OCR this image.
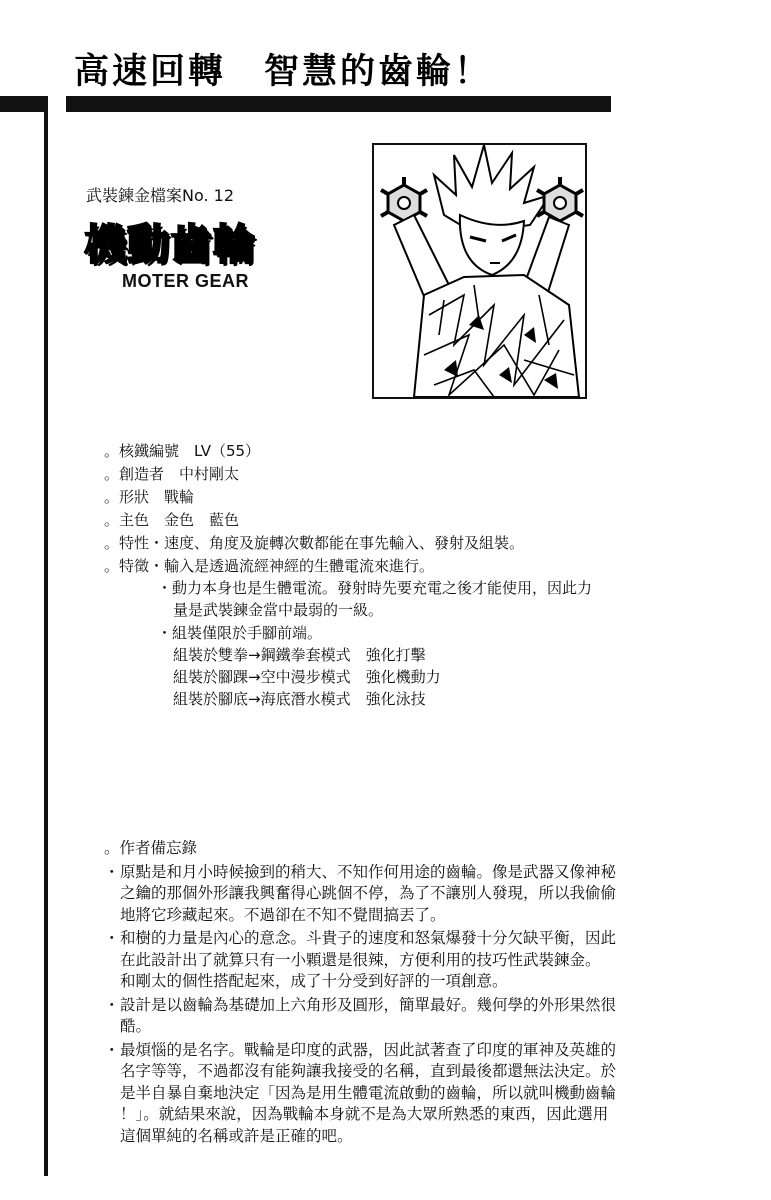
高速回轉　智慧的齒輪！
武裝鍊金檔案No. 12
機動齒輪
MOTER GEAR
。核鐵編號　LV（55）
。創造者　中村剛太
。形狀　戰輪
。主色　金色　藍色
。特性・速度、角度及旋轉次數都能在事先輸入、發射及組裝。
。特徵・輸入是透過流經神經的生體電流來進行。
・動力本身也是生體電流。發射時先要充電之後才能使用，因此力
量是武裝鍊金當中最弱的一級。
・組裝僅限於手腳前端。
組裝於雙拳→鋼鐵拳套模式　強化打擊
組裝於腳踝→空中漫步模式　強化機動力
組裝於腳底→海底潛水模式　強化泳技
。作者備忘錄
・ 原點是和月小時候撿到的稍大、不知作何用途的齒輪。像是武器又像神秘
之鑰的那個外形讓我興奮得心跳個不停，為了不讓別人發現，所以我偷偷
地將它珍藏起來。不過卻在不知不覺間搞丟了。
・ 和樹的力量是內心的意念。斗貴子的速度和怒氣爆發十分欠缺平衡，因此
在此設計出了就算只有一小顆還是很辣，方便利用的技巧性武裝鍊金。
和剛太的個性搭配起來，成了十分受到好評的一項創意。
・ 設計是以齒輪為基礎加上六角形及圓形，簡單最好。幾何學的外形果然很
酷。
・ 最煩惱的是名字。戰輪是印度的武器，因此試著查了印度的軍神及英雄的
名字等等，不過都沒有能夠讓我接受的名稱，直到最後都還無法決定。於
是半自暴自棄地決定「因為是用生體電流啟動的齒輪，所以就叫機動齒輪
！」。就結果來說，因為戰輪本身就不是為大眾所熟悉的東西，因此選用
這個單純的名稱或許是正確的吧。
